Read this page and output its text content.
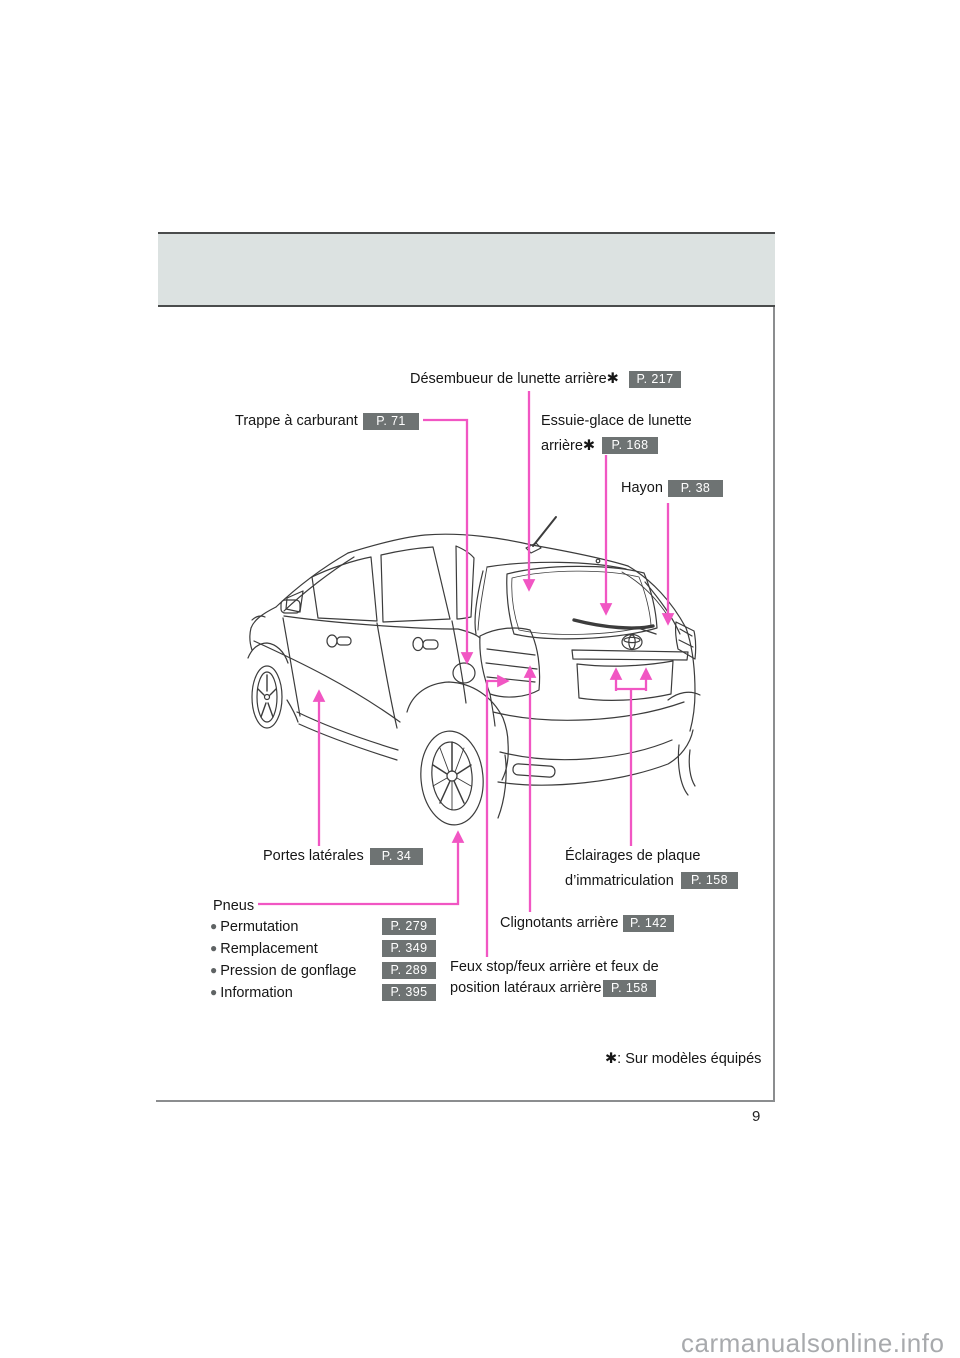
Désembueur de lunette arrière✱	P. 217
Trappe à carburant	P. 71	Essuie-glace de lunette
arrière✱	P. 168
Hayon	P. 38
Portes latérales	P. 34	Éclairages de plaque
d’immatriculation	P. 158
Clignotants arrière P. 142
Feux stop/feux arrière et feux de
position latéraux arrière P. 158
Pneus
● Permutation	P. 279
● Remplacement	P. 349
● Pression de gonflage	P. 289
● Information	P. 395
✱: Sur modèles équipés
9
carmanualsonline.info
